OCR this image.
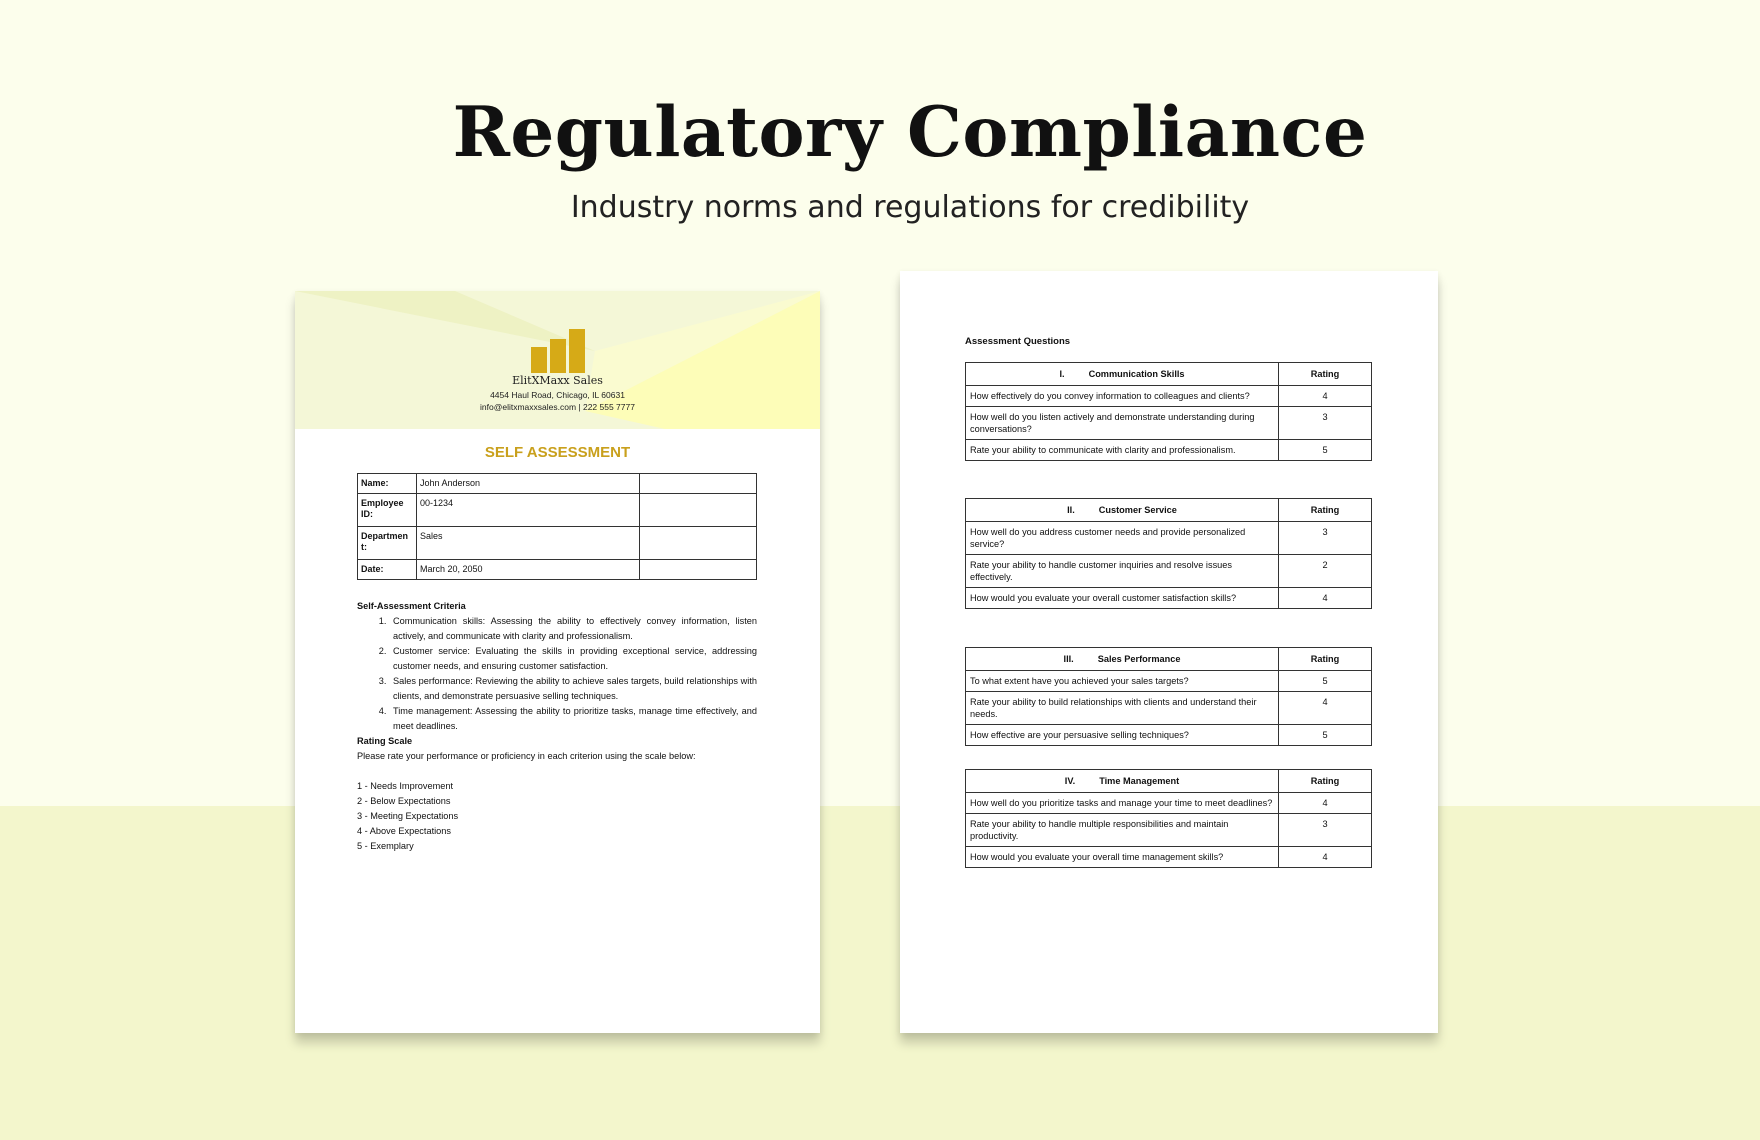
Regulatory Compliance

Industry norms and regulations for credibility

ElitXMaxx Sales
4454 Haul Road, Chicago, IL 60631
info@elitxmaxxsales.com | 222 555 7777
SELF ASSESSMENT
Name:	John Anderson	
Employee ID:	00-1234	
Department:	Sales	
Date:	March 20, 2050	
Self-Assessment Criteria
1. Communication skills: Assessing the ability to effectively convey information, listen actively, and communicate with clarity and professionalism.
2. Customer service: Evaluating the skills in providing exceptional service, addressing customer needs, and ensuring customer satisfaction.
3. Sales performance: Reviewing the ability to achieve sales targets, build relationships with clients, and demonstrate persuasive selling techniques.
4. Time management: Assessing the ability to prioritize tasks, manage time effectively, and meet deadlines.
Rating Scale
Please rate your performance or proficiency in each criterion using the scale below:
1 - Needs Improvement
2 - Below Expectations
3 - Meeting Expectations
4 - Above Expectations
5 - Exemplary
Assessment Questions
I. Communication Skills	Rating
How effectively do you convey information to colleagues and clients?	4
How well do you listen actively and demonstrate understanding during conversations?	3
Rate your ability to communicate with clarity and professionalism.	5
II. Customer Service	Rating
How well do you address customer needs and provide personalized service?	3
Rate your ability to handle customer inquiries and resolve issues effectively.	2
How would you evaluate your overall customer satisfaction skills?	4
III. Sales Performance	Rating
To what extent have you achieved your sales targets?	5
Rate your ability to build relationships with clients and understand their needs.	4
How effective are your persuasive selling techniques?	5
IV. Time Management	Rating
How well do you prioritize tasks and manage your time to meet deadlines?	4
Rate your ability to handle multiple responsibilities and maintain productivity.	3
How would you evaluate your overall time management skills?	4
